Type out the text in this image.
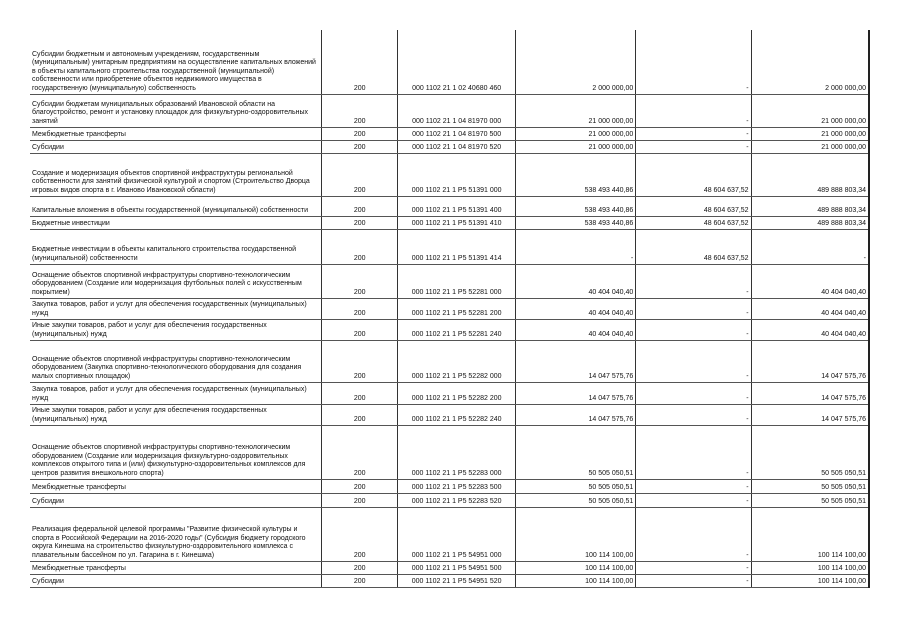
Субсидии бюджетным и автономным учреждениям, государственным (муниципальным) унитарным предприятиям на осуществление капитальных вложений в объекты капитального строительства государственной (муниципальной) собственности или приобретение объектов недвижимого имущества в государственную (муниципальную) собственность	200	000 1102 21 1 02 40680 460	2 000 000,00	-	2 000 000,00
Субсидии бюджетам муниципальных образований Ивановской области на благоустройство, ремонт и установку площадок для физкультурно-оздоровительных занятий	200	000 1102 21 1 04 81970 000	21 000 000,00	-	21 000 000,00
Межбюджетные трансферты	200	000 1102 21 1 04 81970 500	21 000 000,00	-	21 000 000,00
Субсидии	200	000 1102 21 1 04 81970 520	21 000 000,00	-	21 000 000,00
Создание и модернизация объектов спортивной инфраструктуры региональной собственности для занятий физической культурой и спортом (Строительство Дворца игровых видов спорта в г. Иваново Ивановской области)	200	000 1102 21 1 P5 51391 000	538 493 440,86	48 604 637,52	489 888 803,34
Капитальные вложения в объекты государственной (муниципальной) собственности	200	000 1102 21 1 P5 51391 400	538 493 440,86	48 604 637,52	489 888 803,34
Бюджетные инвестиции	200	000 1102 21 1 P5 51391 410	538 493 440,86	48 604 637,52	489 888 803,34
Бюджетные инвестиции в объекты капитального строительства государственной (муниципальной) собственности	200	000 1102 21 1 P5 51391 414	-	48 604 637,52	-
Оснащение объектов спортивной инфраструктуры спортивно-технологическим оборудованием (Создание или модернизация футбольных полей с искусственным покрытием)	200	000 1102 21 1 P5 52281 000	40 404 040,40	-	40 404 040,40
Закупка товаров, работ и услуг для обеспечения государственных (муниципальных) нужд	200	000 1102 21 1 P5 52281 200	40 404 040,40	-	40 404 040,40
Иные закупки товаров, работ и услуг для обеспечения государственных (муниципальных) нужд	200	000 1102 21 1 P5 52281 240	40 404 040,40	-	40 404 040,40
Оснащение объектов спортивной инфраструктуры спортивно-технологическим оборудованием (Закупка спортивно-технологического оборудования для создания малых спортивных площадок)	200	000 1102 21 1 P5 52282 000	14 047 575,76	-	14 047 575,76
Закупка товаров, работ и услуг для обеспечения государственных (муниципальных) нужд	200	000 1102 21 1 P5 52282 200	14 047 575,76	-	14 047 575,76
Иные закупки товаров, работ и услуг для обеспечения государственных (муниципальных) нужд	200	000 1102 21 1 P5 52282 240	14 047 575,76	-	14 047 575,76
Оснащение объектов спортивной инфраструктуры спортивно-технологическим оборудованием (Создание или модернизация физкультурно-оздоровительных комплексов открытого типа и (или) физкультурно-оздоровительных комплексов для центров развития внешкольного спорта)	200	000 1102 21 1 P5 52283 000	50 505 050,51	-	50 505 050,51
Межбюджетные трансферты	200	000 1102 21 1 P5 52283 500	50 505 050,51	-	50 505 050,51
Субсидии	200	000 1102 21 1 P5 52283 520	50 505 050,51	-	50 505 050,51
Реализация федеральной целевой программы "Развитие физической культуры и спорта в Российской Федерации на 2016-2020 годы" (Субсидия бюджету городского округа Кинешма на строительство физкультурно-оздоровительного комплекса с плавательным бассейном по ул. Гагарина в г. Кинешма)	200	000 1102 21 1 P5 54951 000	100 114 100,00	-	100 114 100,00
Межбюджетные трансферты	200	000 1102 21 1 P5 54951 500	100 114 100,00	-	100 114 100,00
Субсидии	200	000 1102 21 1 P5 54951 520	100 114 100,00	-	100 114 100,00
